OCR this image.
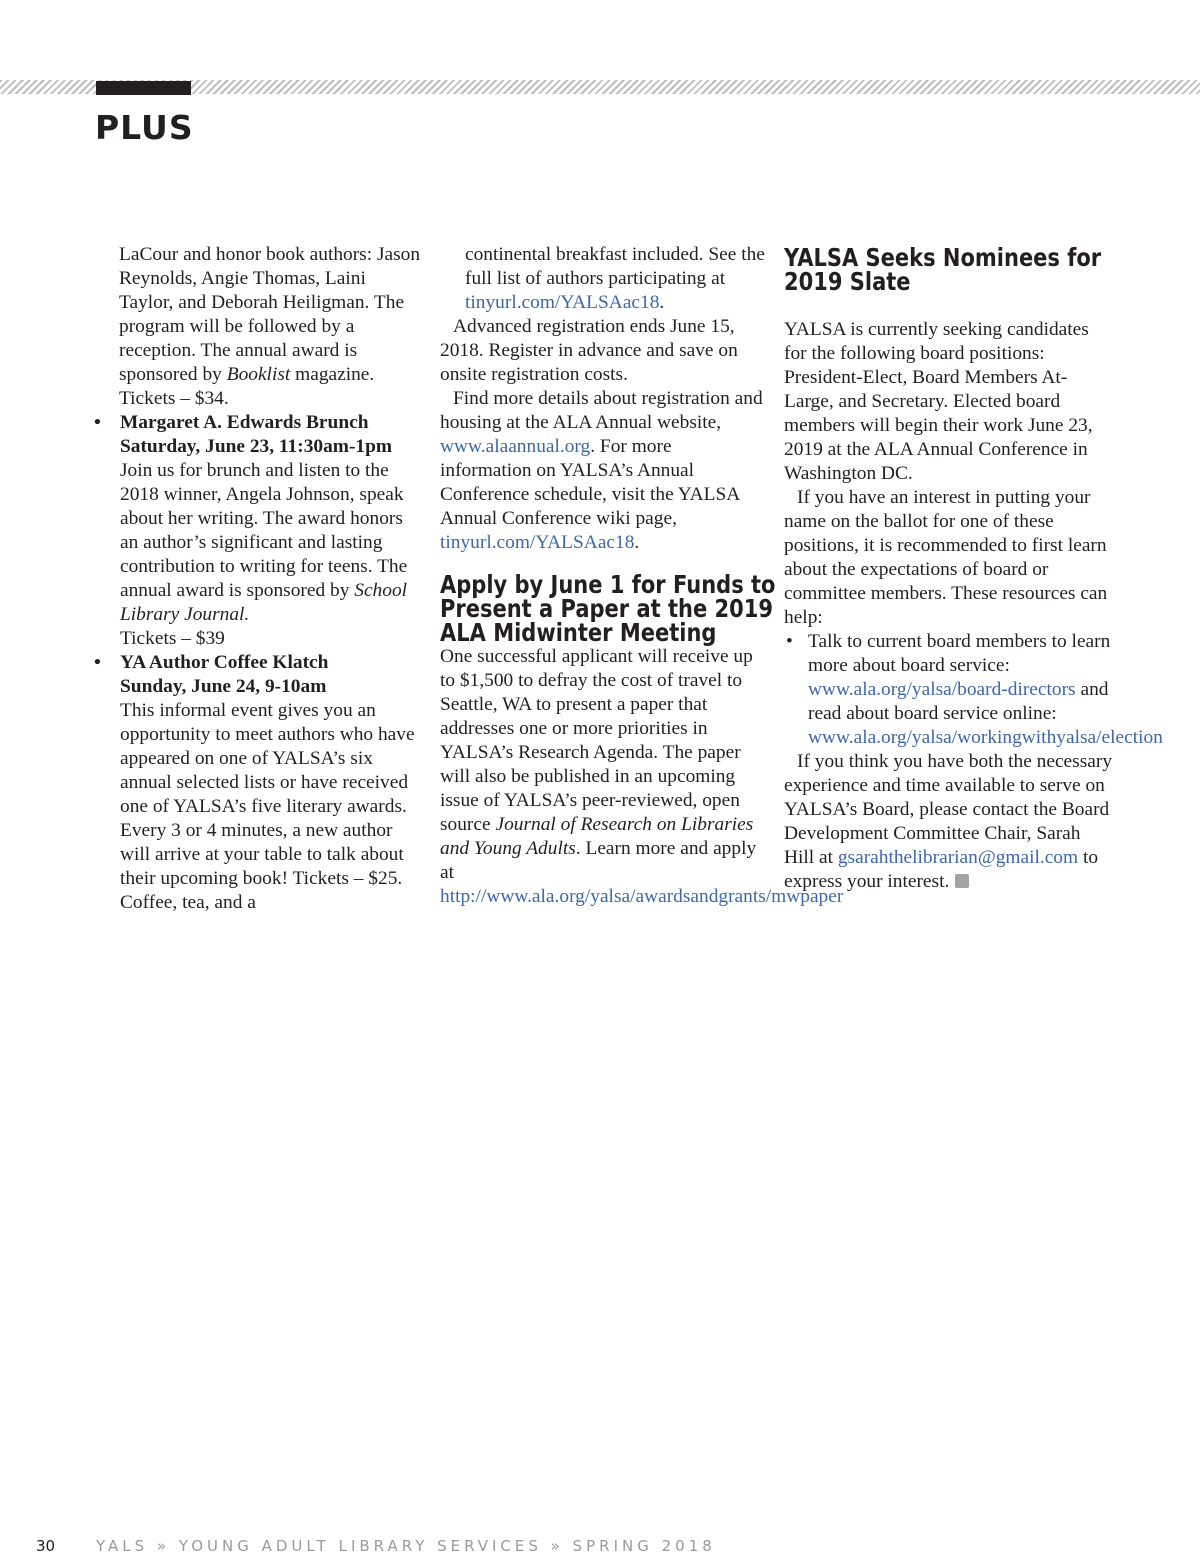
PLUS
LaCour and honor book authors: Jason Reynolds, Angie Thomas, Laini Taylor, and Deborah Heiligman. The program will be followed by a reception. The annual award is sponsored by Booklist magazine.
Tickets – $34.
• Margaret A. Edwards Brunch
Saturday, June 23, 11:30am-1pm
Join us for brunch and listen to the 2018 winner, Angela Johnson, speak about her writing. The award honors an author’s significant and lasting contribution to writing for teens. The annual award is sponsored by School Library Journal.
Tickets – $39
• YA Author Coffee Klatch
Sunday, June 24, 9-10am
This informal event gives you an opportunity to meet authors who have appeared on one of YALSA’s six annual selected lists or have received one of YALSA’s five literary awards. Every 3 or 4 minutes, a new author will arrive at your table to talk about their upcoming book! Tickets – $25. Coffee, tea, and a

continental breakfast included. See the full list of authors participating at tinyurl.com/YALSAac18.

Advanced registration ends June 15, 2018. Register in advance and save on onsite registration costs.

Find more details about registration and housing at the ALA Annual website, www.alaannual.org. For more information on YALSA’s Annual Conference schedule, visit the YALSA Annual Conference wiki page, tinyurl.com/YALSAac18.

Apply by June 1 for Funds to
Present a Paper at the 2019
ALA Midwinter Meeting

One successful applicant will receive up to $1,500 to defray the cost of travel to Seattle, WA to present a paper that addresses one or more priorities in YALSA’s Research Agenda. The paper will also be published in an upcoming issue of YALSA’s peer-reviewed, open source Journal of Research on Libraries and Young Adults. Learn more and apply at http://www.ala.org/yalsa/awardsandgrants/mwpaper

YALSA Seeks Nominees for
2019 Slate

YALSA is currently seeking candidates for the following board positions: President-Elect, Board Members At-Large, and Secretary. Elected board members will begin their work June 23, 2019 at the ALA Annual Conference in Washington DC.

If you have an interest in putting your name on the ballot for one of these positions, it is recommended to first learn about the expectations of board or committee members. These resources can help:

• Talk to current board members to learn more about board service: www.ala.org/yalsa/board-directors and read about board service online: www.ala.org/yalsa/workingwithyalsa/election

If you think you have both the necessary experience and time available to serve on YALSA’s Board, please contact the Board Development Committee Chair, Sarah Hill at gsarahthelibrarian@gmail.com to express your interest.

30	YALS » YOUNG ADULT LIBRARY SERVICES » SPRING 2018
